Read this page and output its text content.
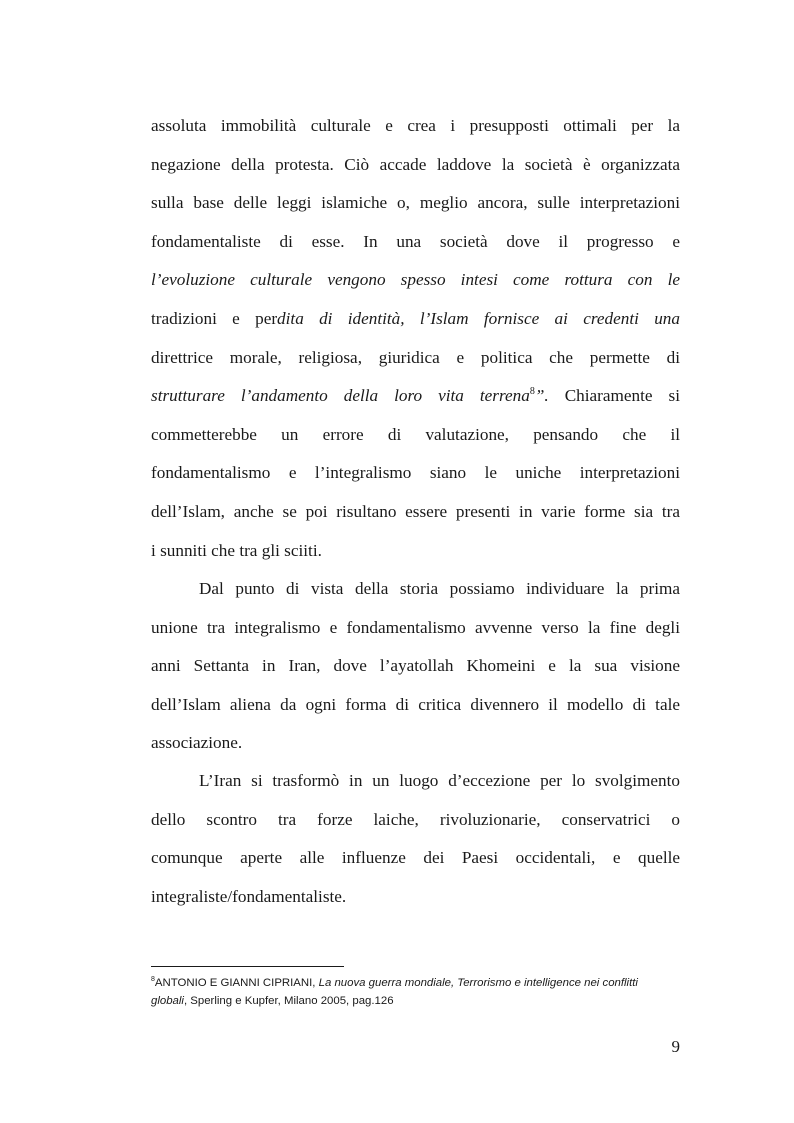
assoluta immobilità culturale e crea i presupposti ottimali per la
negazione della protesta. Ciò accade laddove la società è organizzata
sulla base delle leggi islamiche o, meglio ancora, sulle interpretazioni
fondamentaliste di esse. In una società dove il progresso e
l’evoluzione culturale vengono spesso intesi come rottura con le
tradizioni e perdita di identità, l’Islam fornisce ai credenti una
direttrice morale, religiosa, giuridica e politica che permette di
strutturare l’andamento della loro vita terrena$^8$”. Chiaramente si
commetterebbe un errore di valutazione, pensando che il
fondamentalismo e l’integralismo siano le uniche interpretazioni
dell’Islam, anche se poi risultano essere presenti in varie forme sia tra
i sunniti che tra gli sciiti.
Dal punto di vista della storia possiamo individuare la prima
unione tra integralismo e fondamentalismo avvenne verso la fine degli
anni Settanta in Iran, dove l’ayatollah Khomeini e la sua visione
dell’Islam aliena da ogni forma di critica divennero il modello di tale
associazione.
L’Iran si trasformò in un luogo d’eccezione per lo svolgimento
dello scontro tra forze laiche, rivoluzionarie, conservatrici o
comunque aperte alle influenze dei Paesi occidentali, e quelle
integraliste/fondamentaliste.
$^8$ANTONIO E GIANNI CIPRIANI, La nuova guerra mondiale, Terrorismo e intelligence nei conflitti
globali, Sperling e Kupfer, Milano 2005, pag.126
9
